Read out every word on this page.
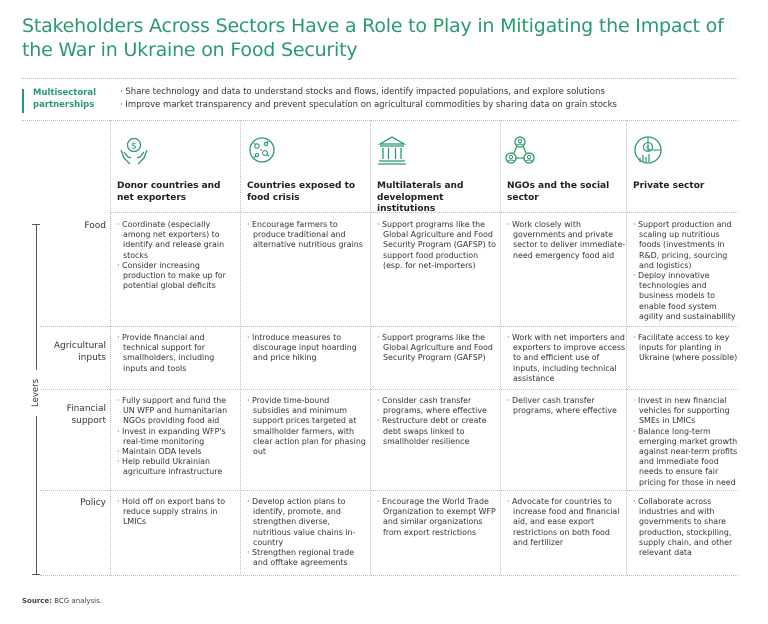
Stakeholders Across Sectors Have a Role to Play in Mitigating the Impact of the War in Ukraine on Food Security
Multisectoral partnerships
· Share technology and data to understand stocks and flows, identify impacted populations, and explore solutions
· Improve market transparency and prevent speculation on agricultural commodities by sharing data on grain stocks
$	$
Donor countries and net exporters
Countries exposed to food crisis
Multilaterals and development institutions
NGOs and the social sector
Private sector
Levers
Food
Agricultural inputs
Financial support
Policy
· Coordinate (especially among net exporters) to identify and release grain stocks
· Consider increasing production to make up for potential global deficits
· Encourage farmers to produce traditional and alternative nutritious grains
· Support programs like the Global Agriculture and Food Security Program (GAFSP) to support food production (esp. for net-importers)
· Work closely with governments and private sector to deliver immediate-need emergency food aid
· Support production and scaling up nutritious foods (investments in R&D, pricing, sourcing and logistics)
· Deploy innovative technologies and business models to enable food system agility and sustainability
· Provide financial and technical support for smallholders, including inputs and tools
· Introduce measures to discourage input hoarding and price hiking
· Support programs like the Global Agriculture and Food Security Program (GAFSP)
· Work with net importers and exporters to improve access to and efficient use of inputs, including technical assistance
· Facilitate access to key inputs for planting in Ukraine (where possible)
· Fully support and fund the UN WFP and humanitarian NGOs providing food aid
· Invest in expanding WFP's real-time monitoring
· Maintain ODA levels
· Help rebuild Ukrainian agriculture infrastructure
· Provide time-bound subsidies and minimum support prices targeted at smallholder farmers, with clear action plan for phasing out
· Consider cash transfer programs, where effective
· Restructure debt or create debt swaps linked to smallholder resilience
· Deliver cash transfer programs, where effective
· Invest in new financial vehicles for supporting SMEs in LMICs
· Balance long-term emerging market growth against near-term profits and immediate food needs to ensure fair pricing for those in need
· Hold off on export bans to reduce supply strains in LMICs
· Develop action plans to identify, promote, and strengthen diverse, nutritious value chains in-country
· Strengthen regional trade and offtake agreements
· Encourage the World Trade Organization to exempt WFP and similar organizations from export restrictions
· Advocate for countries to increase food and financial aid, and ease export restrictions on both food and fertilizer
· Collaborate across industries and with governments to share production, stockpiling, supply chain, and other relevant data
Source: BCG analysis.
